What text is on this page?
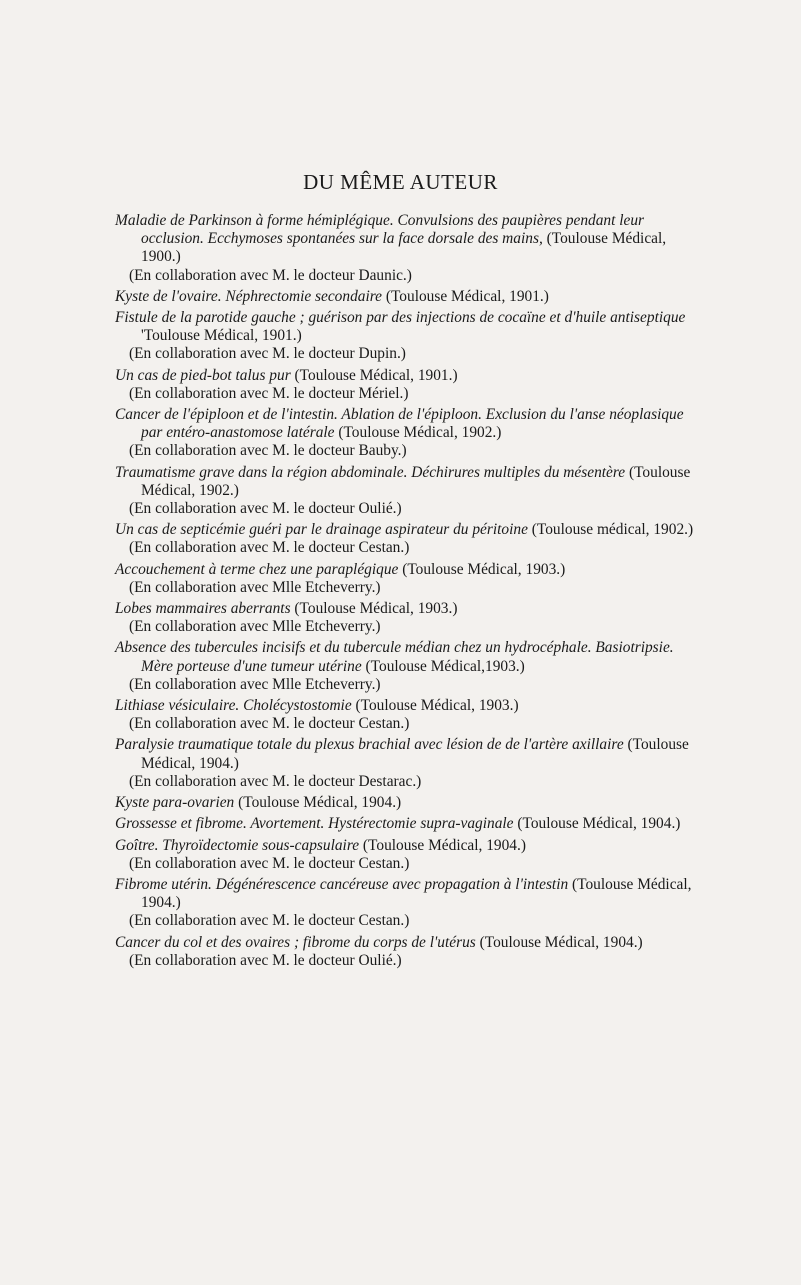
DU MÊME AUTEUR

Maladie de Parkinson à forme hémiplégique. Convulsions des paupières pendant leur occlusion. Ecchymoses spontanées sur la face dorsale des mains, (Toulouse Médical, 1900.)

(En collaboration avec M. le docteur Daunic.)

Kyste de l'ovaire. Néphrectomie secondaire (Toulouse Médical, 1901.)

Fistule de la parotide gauche ; guérison par des injections de cocaïne et d'huile antiseptique 'Toulouse Médical, 1901.)

(En collaboration avec M. le docteur Dupin.)

Un cas de pied-bot talus pur (Toulouse Médical, 1901.)

(En collaboration avec M. le docteur Mériel.)

Cancer de l'épiploon et de l'intestin. Ablation de l'épiploon. Exclusion du l'anse néoplasique par entéro-anastomose latérale (Toulouse Médical, 1902.)

(En collaboration avec M. le docteur Bauby.)

Traumatisme grave dans la région abdominale. Déchirures multiples du mésentère (Toulouse Médical, 1902.)

(En collaboration avec M. le docteur Oulié.)

Un cas de septicémie guéri par le drainage aspirateur du péritoine (Toulouse médical, 1902.)

(En collaboration avec M. le docteur Cestan.)

Accouchement à terme chez une paraplégique (Toulouse Médical, 1903.)

(En collaboration avec Mlle Etcheverry.)

Lobes mammaires aberrants (Toulouse Médical, 1903.)

(En collaboration avec Mlle Etcheverry.)

Absence des tubercules incisifs et du tubercule médian chez un hydrocéphale. Basiotripsie. Mère porteuse d'une tumeur utérine (Toulouse Médical,1903.)

(En collaboration avec Mlle Etcheverry.)

Lithiase vésiculaire. Cholécystostomie (Toulouse Médical, 1903.)

(En collaboration avec M. le docteur Cestan.)

Paralysie traumatique totale du plexus brachial avec lésion de de l'artère axillaire (Toulouse Médical, 1904.)

(En collaboration avec M. le docteur Destarac.)

Kyste para-ovarien (Toulouse Médical, 1904.)

Grossesse et fibrome. Avortement. Hystérectomie supra-vaginale (Toulouse Médical, 1904.)

Goître. Thyroïdectomie sous-capsulaire (Toulouse Médical, 1904.)

(En collaboration avec M. le docteur Cestan.)

Fibrome utérin. Dégénérescence cancéreuse avec propagation à l'intestin (Toulouse Médical, 1904.)

(En collaboration avec M. le docteur Cestan.)

Cancer du col et des ovaires ; fibrome du corps de l'utérus (Toulouse Médical, 1904.)

(En collaboration avec M. le docteur Oulié.)
